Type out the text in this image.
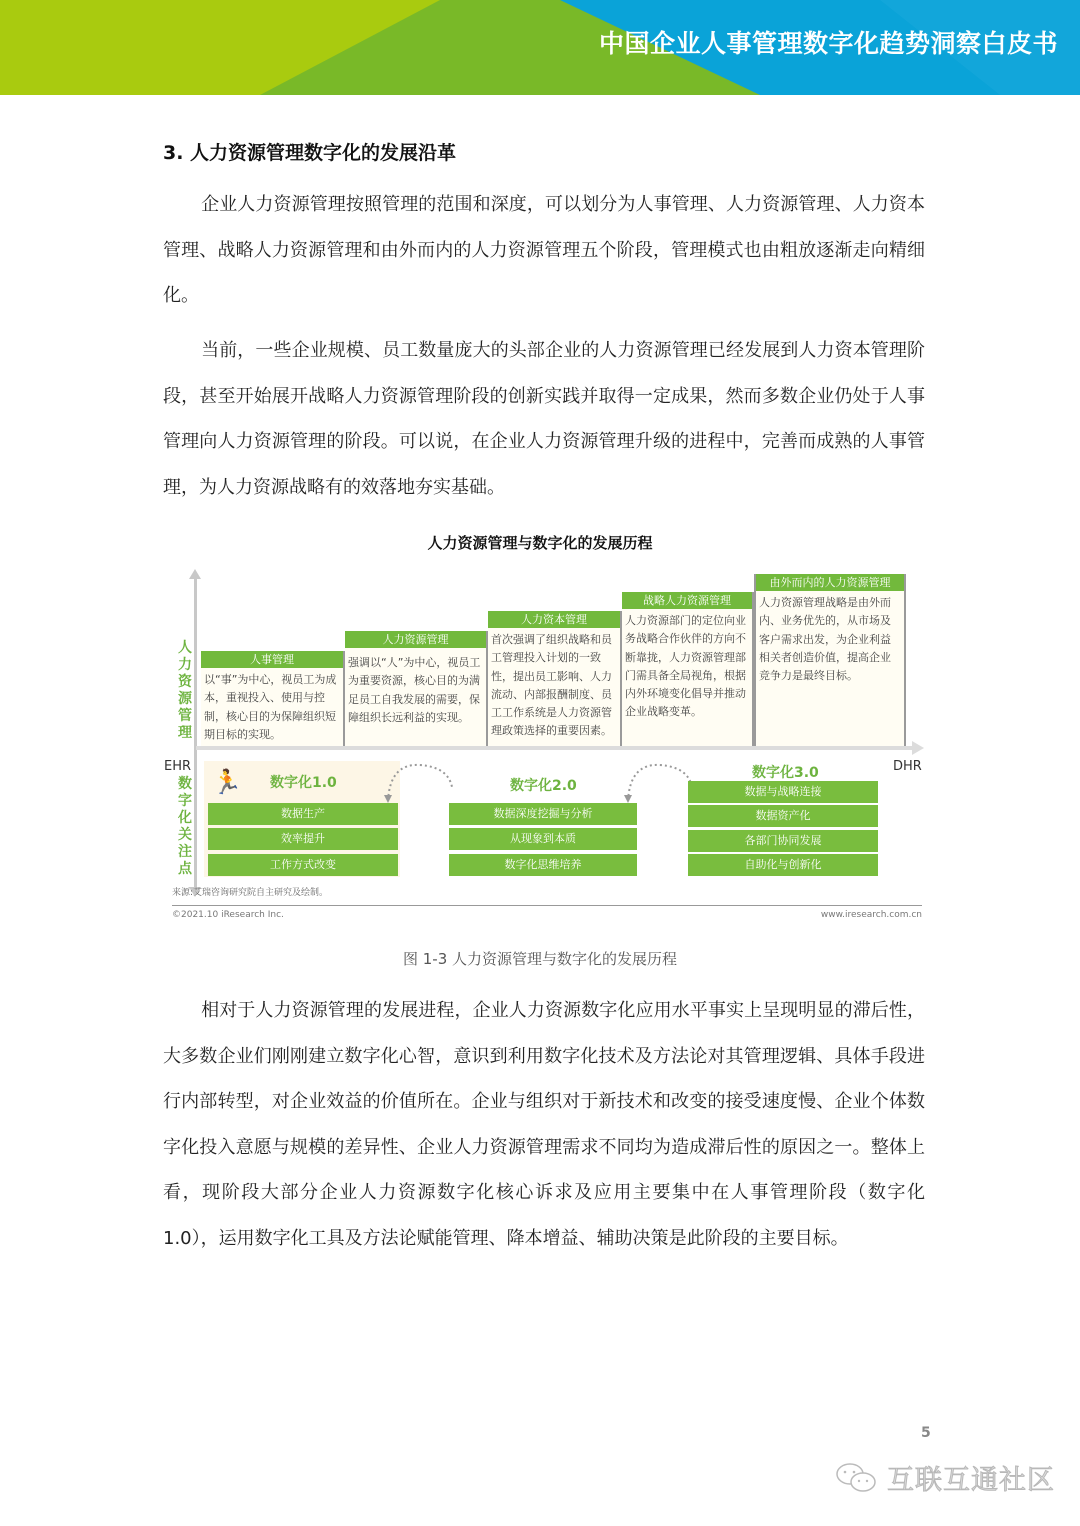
中国企业人事管理数字化趋势洞察白皮书
3. 人力资源管理数字化的发展沿革
企业人力资源管理按照管理的范围和深度，可以划分为人事管理、人力资源管理、人力资本管理、战略人力资源管理和由外而内的人力资源管理五个阶段，管理模式也由粗放逐渐走向精细化。
当前，一些企业规模、员工数量庞大的头部企业的人力资源管理已经发展到人力资本管理阶段，甚至开始展开战略人力资源管理阶段的创新实践并取得一定成果，然而多数企业仍处于人事管理向人力资源管理的阶段。可以说，在企业人力资源管理升级的进程中，完善而成熟的人事管理，为人力资源战略有的效落地夯实基础。
人力资源管理与数字化的发展历程
人力资源管理
数字化关注点
EHR	DHR
人事管理
以“事”为中心，视员工为成本，重视投入、使用与控制，核心目的为保障组织短期目标的实现。
人力资源管理
强调以“人”为中心，视员工为重要资源，核心目的为满足员工自我发展的需要，保障组织长远利益的实现。
人力资本管理
首次强调了组织战略和员工管理投入计划的一致性，提出员工影响、人力流动、内部报酬制度、员工工作系统是人力资源管理政策选择的重要因素。
战略人力资源管理
人力资源部门的定位向业务战略合作伙伴的方向不断靠拢，人力资源管理部门需具备全局视角，根据内外环境变化倡导并推动企业战略变革。
由外而内的人力资源管理
人力资源管理战略是由外而内、业务优先的，从市场及客户需求出发，为企业利益相关者创造价值，提高企业竞争力是最终目标。
🏃 数字化1.0
数据生产
效率提升
工作方式改变
数字化2.0
数据深度挖掘与分析
从现象到本质
数字化思维培养
数字化3.0
数据与战略连接
数据资产化
各部门协同发展
自助化与创新化
来源:艾瑞咨询研究院自主研究及绘制。
©2021.10 iResearch Inc.	www.iresearch.com.cn
图 1-3 人力资源管理与数字化的发展历程
相对于人力资源管理的发展进程，企业人力资源数字化应用水平事实上呈现明显的滞后性，大多数企业们刚刚建立数字化心智，意识到利用数字化技术及方法论对其管理逻辑、具体手段进行内部转型，对企业效益的价值所在。企业与组织对于新技术和改变的接受速度慢、企业个体数字化投入意愿与规模的差异性、企业人力资源管理需求不同均为造成滞后性的原因之一。整体上看，现阶段大部分企业人力资源数字化核心诉求及应用主要集中在人事管理阶段（数字化 1.0），运用数字化工具及方法论赋能管理、降本增益、辅助决策是此阶段的主要目标。
5
互联互通社区
